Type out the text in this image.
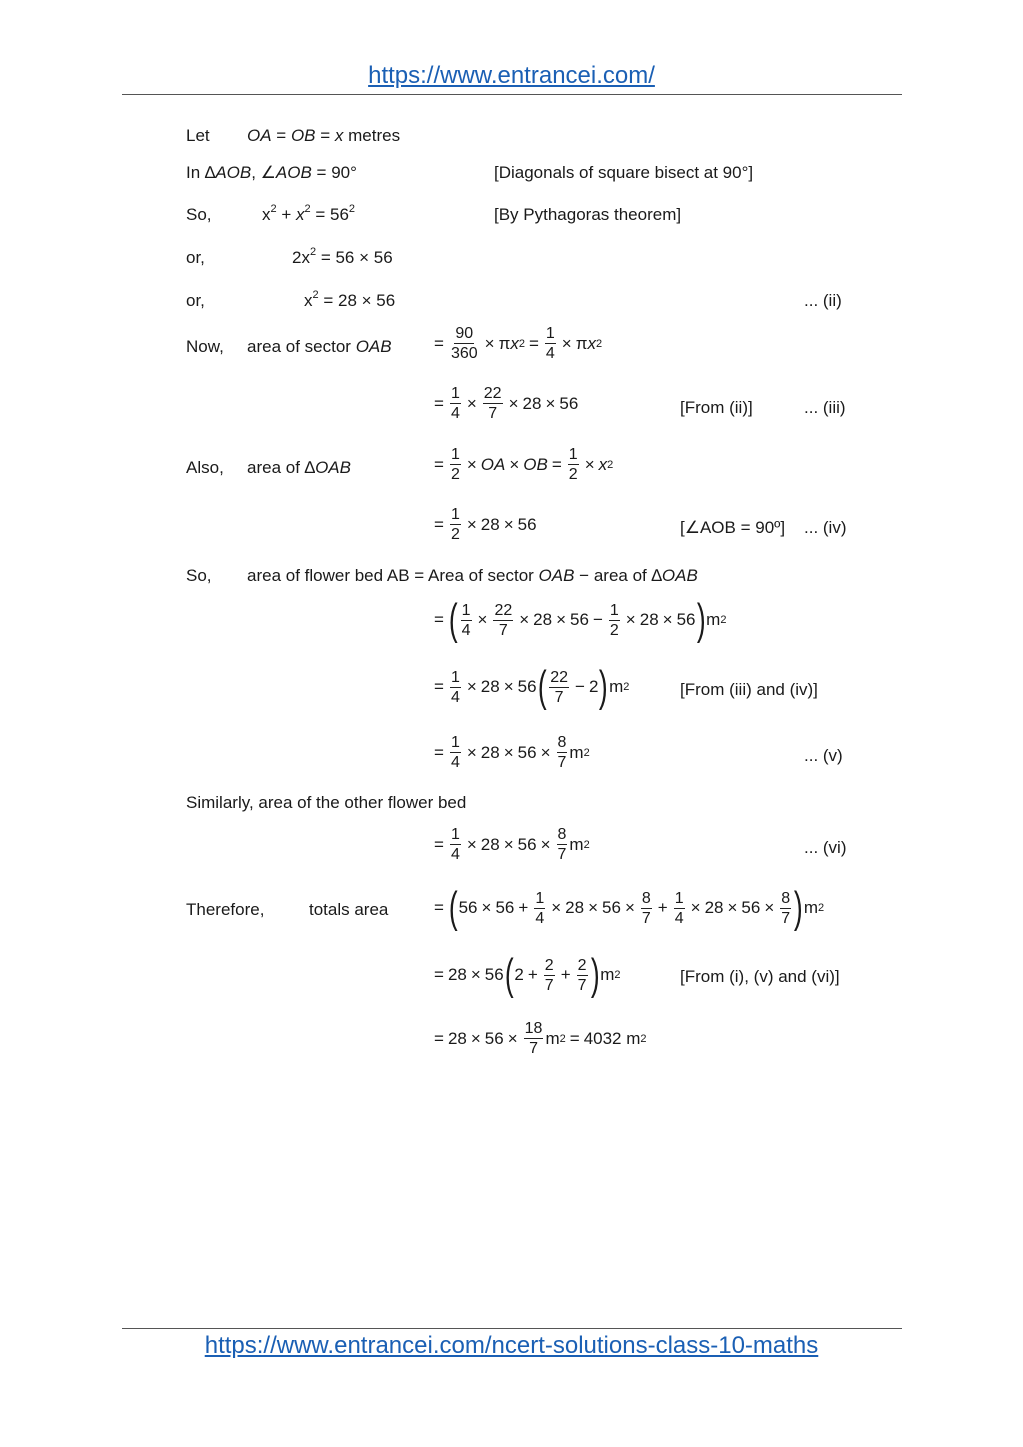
https://www.entrancei.com/
Let OA = OB = x metres
In ∆AOB, ∠AOB = 90°	[Diagonals of square bisect at 90°]
So,	$x^2 + x^2 = 56^2$	[By Pythagoras theorem]
or,	$2x^2 = 56 \times 56$
or,	$x^2 = 28 \times 56$	... (ii)
Now, area of sector OAB = $\frac{90}{360} \times \pi$ x $2 = \frac{1}{4} \times \pi$ x 2
= $\frac{1}{4} \times \frac{22}{7} \times 28 \times 56$	[From (ii)]	... (iii)
Also, area of ∆OAB	= $\frac{1}{2}$ × OA × OB = $\frac{1}{2} \times x$ 2
= $\frac{1}{2} \times 28 \times 56$	[∠AOB = 90º] ... (iv)
So, area of flower bed AB = Area of sector OAB − area of ∆OAB
= ( $\frac{1}{4} \times \frac{22}{7} \times 28 \times 56 - \frac{1}{2} \times 28 \times 56$ ) m 2
= $\frac{1}{4} \times 28 \times 56$ ( $\frac{22}{7} - 2$ ) m 2	[From (iii) and (iv)]
= $\frac{1}{4} \times 28 \times 56 \times \frac{8}{7}$ m 2	... (v)
Similarly, area of the other flower bed
= $\frac{1}{4} \times 28 \times 56 \times \frac{8}{7}$ m 2	... (vi)
Therefore,	totals area	= ( $56 \times 56 + \frac{1}{4} \times 28 \times 56 \times \frac{8}{7} + \frac{1}{4} \times 28 \times 56 \times \frac{8}{7}$ ) m 2
= 28 × 56 ( $2 + \frac{2}{7} + \frac{2}{7}$ ) m 2	[From (i), (v) and (vi)]
= $28 \times 56 \times \frac{18}{7}$ m 2 = 4032 m 2
https://www.entrancei.com/ncert-solutions-class-10-maths
